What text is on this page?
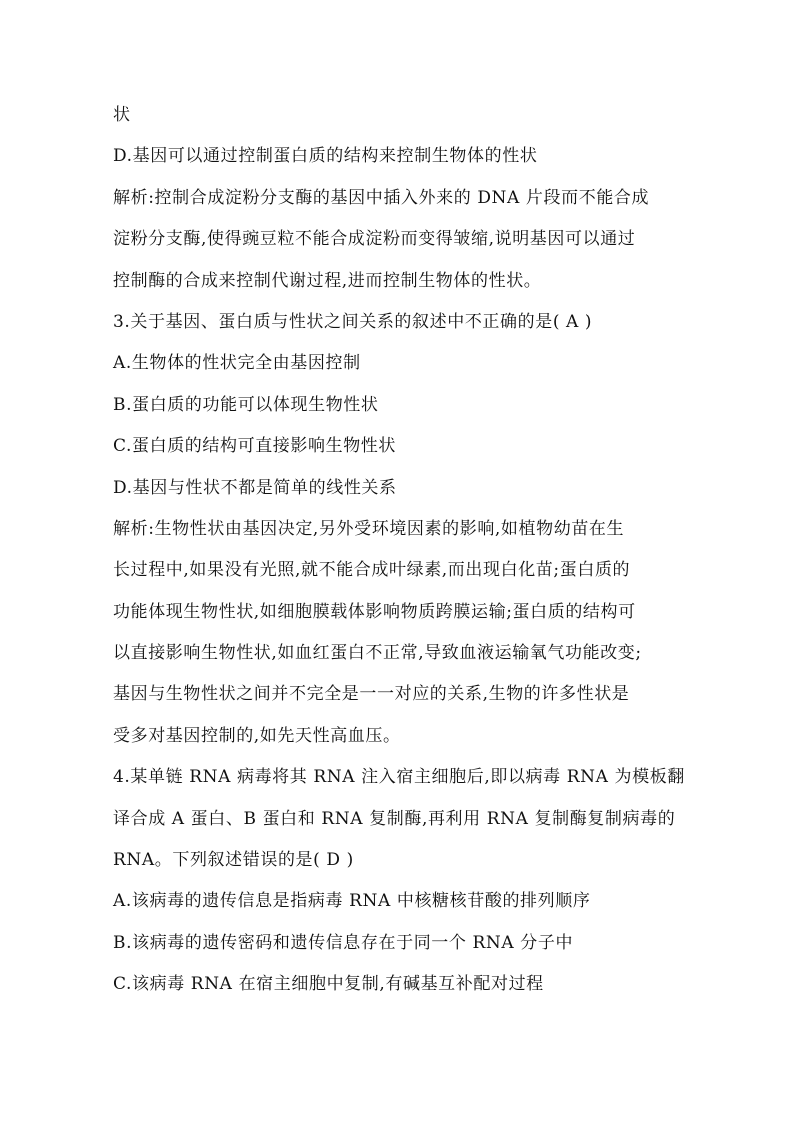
状
D.基因可以通过控制蛋白质的结构来控制生物体的性状
解析:控制合成淀粉分支酶的基因中插入外来的 DNA 片段而不能合成
淀粉分支酶,使得豌豆粒不能合成淀粉而变得皱缩,说明基因可以通过
控制酶的合成来控制代谢过程,进而控制生物体的性状。
3.关于基因、蛋白质与性状之间关系的叙述中不正确的是( A )
A.生物体的性状完全由基因控制
B.蛋白质的功能可以体现生物性状
C.蛋白质的结构可直接影响生物性状
D.基因与性状不都是简单的线性关系
解析:生物性状由基因决定,另外受环境因素的影响,如植物幼苗在生
长过程中,如果没有光照,就不能合成叶绿素,而出现白化苗;蛋白质的
功能体现生物性状,如细胞膜载体影响物质跨膜运输;蛋白质的结构可
以直接影响生物性状,如血红蛋白不正常,导致血液运输氧气功能改变;
基因与生物性状之间并不完全是一一对应的关系,生物的许多性状是
受多对基因控制的,如先天性高血压。
4.某单链 RNA 病毒将其 RNA 注入宿主细胞后,即以病毒 RNA 为模板翻
译合成 A 蛋白、B 蛋白和 RNA 复制酶,再利用 RNA 复制酶复制病毒的
RNA。下列叙述错误的是( D )
A.该病毒的遗传信息是指病毒 RNA 中核糖核苷酸的排列顺序
B.该病毒的遗传密码和遗传信息存在于同一个 RNA 分子中
C.该病毒 RNA 在宿主细胞中复制,有碱基互补配对过程
